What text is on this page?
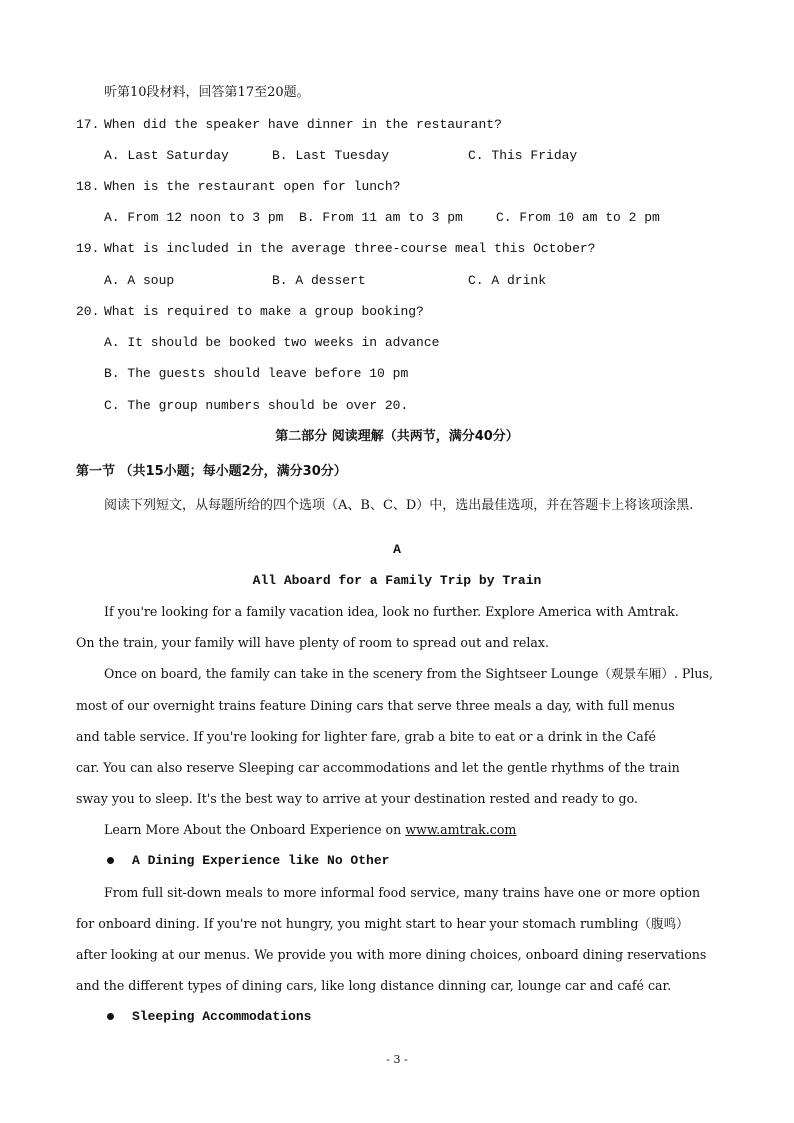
听第10段材料，回答第17至20题。
17. When did the speaker have dinner in the restaurant?
A. Last Saturday	B. Last Tuesday	C. This Friday
18. When is the restaurant open for lunch?
A. From 12 noon to 3 pm B. From 11 am to 3 pm	C. From 10 am to 2 pm
19. What is included in the average three-course meal this October?
A. A soup	B. A dessert	C. A drink
20. What is required to make a group booking?
A. It should be booked two weeks in advance
B. The guests should leave before 10 pm
C. The group numbers should be over 20.
第二部分 阅读理解（共两节，满分40分）
第一节 （共15小题；每小题2分，满分30分）
阅读下列短文，从每题所给的四个选项（A、B、C、D）中，选出最佳选项，并在答题卡上将该项涂黑.
A
All Aboard for a Family Trip by Train
If you're looking for a family vacation idea, look no further. Explore America with Amtrak.
On the train, your family will have plenty of room to spread out and relax.
Once on board, the family can take in the scenery from the Sightseer Lounge（观景车厢）. Plus,
most of our overnight trains feature Dining cars that serve three meals a day, with full menus
and table service. If you're looking for lighter fare, grab a bite to eat or a drink in the Café
car. You can also reserve Sleeping car accommodations and let the gentle rhythms of the train
sway you to sleep. It's the best way to arrive at your destination rested and ready to go.
Learn More About the Onboard Experience on www.amtrak.com
A Dining Experience like No Other
From full sit-down meals to more informal food service, many trains have one or more option
for onboard dining. If you're not hungry, you might start to hear your stomach rumbling（腹鸣）
after looking at our menus. We provide you with more dining choices, onboard dining reservations
and the different types of dining cars, like long distance dinning car, lounge car and café car.
Sleeping Accommodations
- 3 -
